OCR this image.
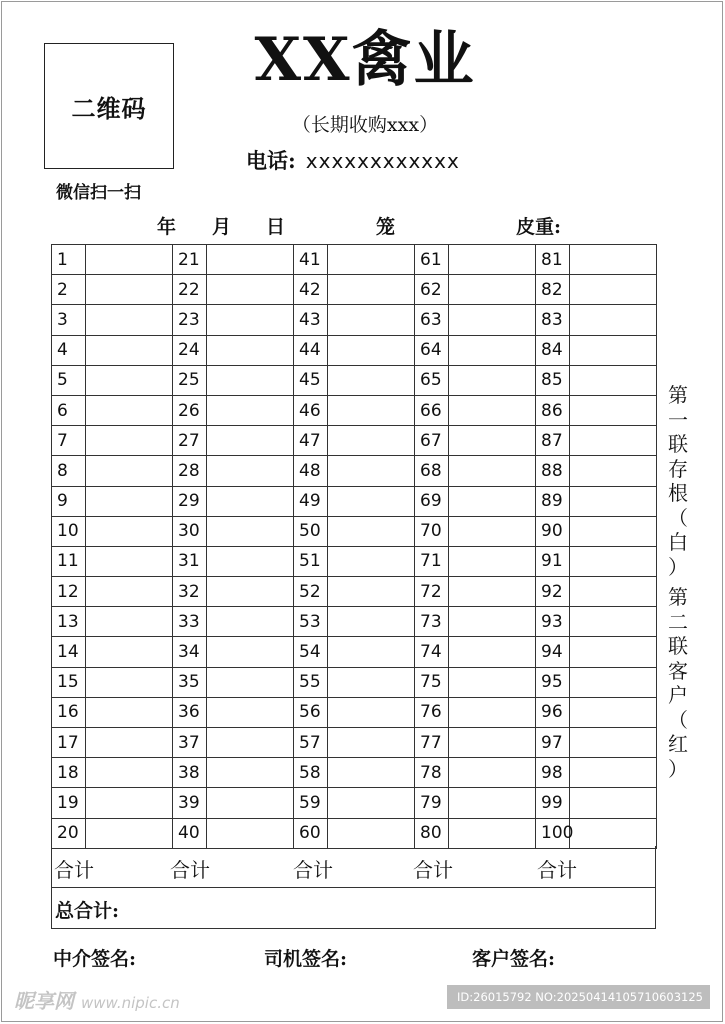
二维码
微信扫一扫
XX禽业
（长期收购xxx）
电话: xxxxxxxxxxxx
年 月 日	笼	皮重:
1		21		41		61		81	
2		22		42		62		82	
3		23		43		63		83	
4		24		44		64		84	
5		25		45		65		85	
6		26		46		66		86	
7		27		47		67		87	
8		28		48		68		88	
9		29		49		69		89	
10		30		50		70		90	
11		31		51		71		91	
12		32		52		72		92	
13		33		53		73		93	
14		34		54		74		94	
15		35		55		75		95	
16		36		56		76		96	
17		37		57		77		97	
18		38		58		78		98	
19		39		59		79		99	
20		40		60		80		100	
合计	合计	合计	合计	合计
总合计:
中介签名:	司机签名:	客户签名:
第
一
联
存
根
（
白
）
第
二
联
客
户
（
红
）
昵享网 www.nipic.cn	ID:26015792 NO:20250414105710603125
